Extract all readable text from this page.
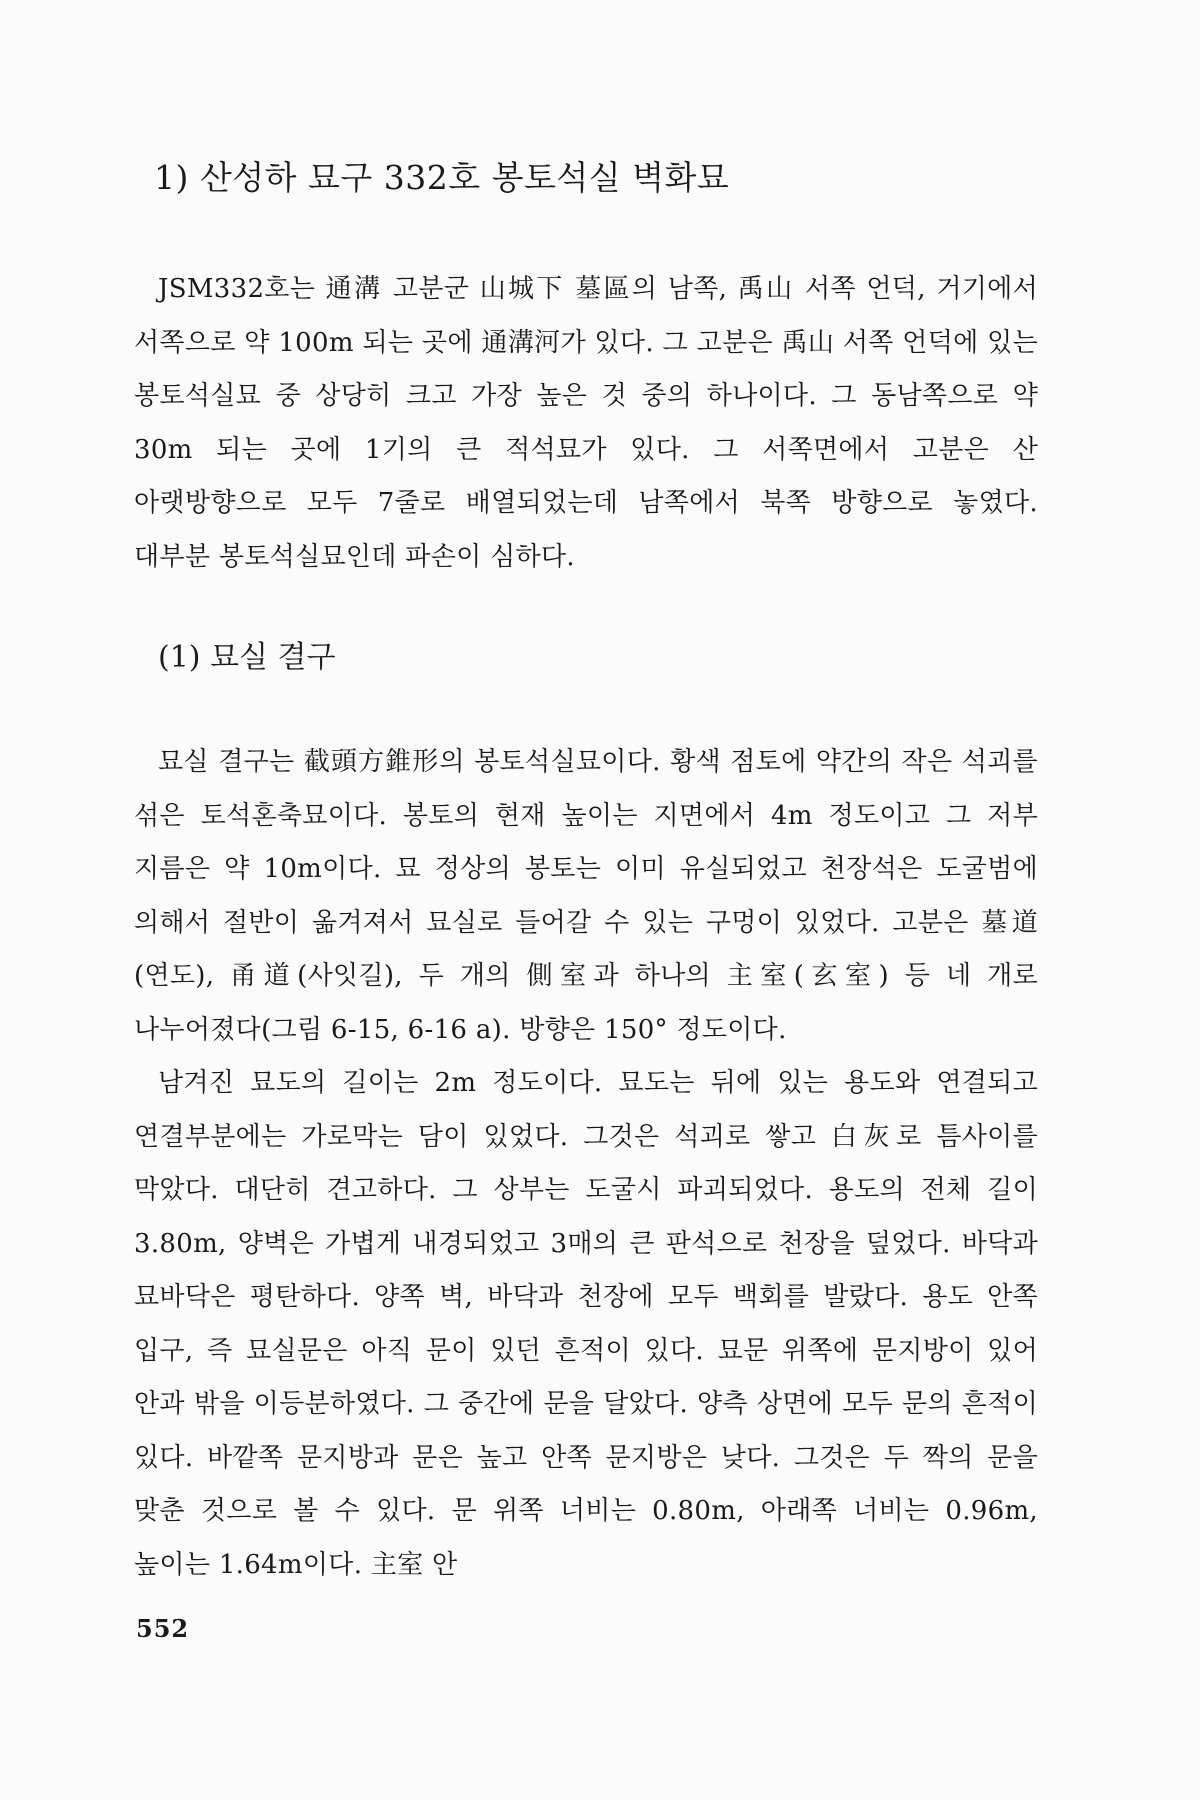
1) 산성하 묘구 332호 봉토석실 벽화묘

JSM332호는 通溝 고분군 山城下 墓區의 남쪽, 禹山 서쪽 언덕, 거기에서 서쪽으로 약 100m 되는 곳에 通溝河가 있다. 그 고분은 禹山 서쪽 언덕에 있는 봉토석실묘 중 상당히 크고 가장 높은 것 중의 하나이다. 그 동남쪽으로 약 30m 되는 곳에 1기의 큰 적석묘가 있다. 그 서쪽면에서 고분은 산 아랫방향으로 모두 7줄로 배열되었는데 남쪽에서 북쪽 방향으로 놓였다. 대부분 봉토석실묘인데 파손이 심하다.

(1) 묘실 결구

묘실 결구는 截頭方錐形의 봉토석실묘이다. 황색 점토에 약간의 작은 석괴를 섞은 토석혼축묘이다. 봉토의 현재 높이는 지면에서 4m 정도이고 그 저부 지름은 약 10m이다. 묘 정상의 봉토는 이미 유실되었고 천장석은 도굴범에 의해서 절반이 옮겨져서 묘실로 들어갈 수 있는 구멍이 있었다. 고분은 墓道(연도), 甬道(사잇길), 두 개의 側室과 하나의 主室(玄室) 등 네 개로 나누어졌다(그림 6-15, 6-16 a). 방향은 150° 정도이다.

남겨진 묘도의 길이는 2m 정도이다. 묘도는 뒤에 있는 용도와 연결되고 연결부분에는 가로막는 담이 있었다. 그것은 석괴로 쌓고 白灰로 틈사이를 막았다. 대단히 견고하다. 그 상부는 도굴시 파괴되었다. 용도의 전체 길이 3.80m, 양벽은 가볍게 내경되었고 3매의 큰 판석으로 천장을 덮었다. 바닥과 묘바닥은 평탄하다. 양쪽 벽, 바닥과 천장에 모두 백회를 발랐다. 용도 안쪽 입구, 즉 묘실문은 아직 문이 있던 흔적이 있다. 묘문 위쪽에 문지방이 있어 안과 밖을 이등분하였다. 그 중간에 문을 달았다. 양측 상면에 모두 문의 흔적이 있다. 바깥쪽 문지방과 문은 높고 안쪽 문지방은 낮다. 그것은 두 짝의 문을 맞춘 것으로 볼 수 있다. 문 위쪽 너비는 0.80m, 아래쪽 너비는 0.96m, 높이는 1.64m이다. 主室 안

552
